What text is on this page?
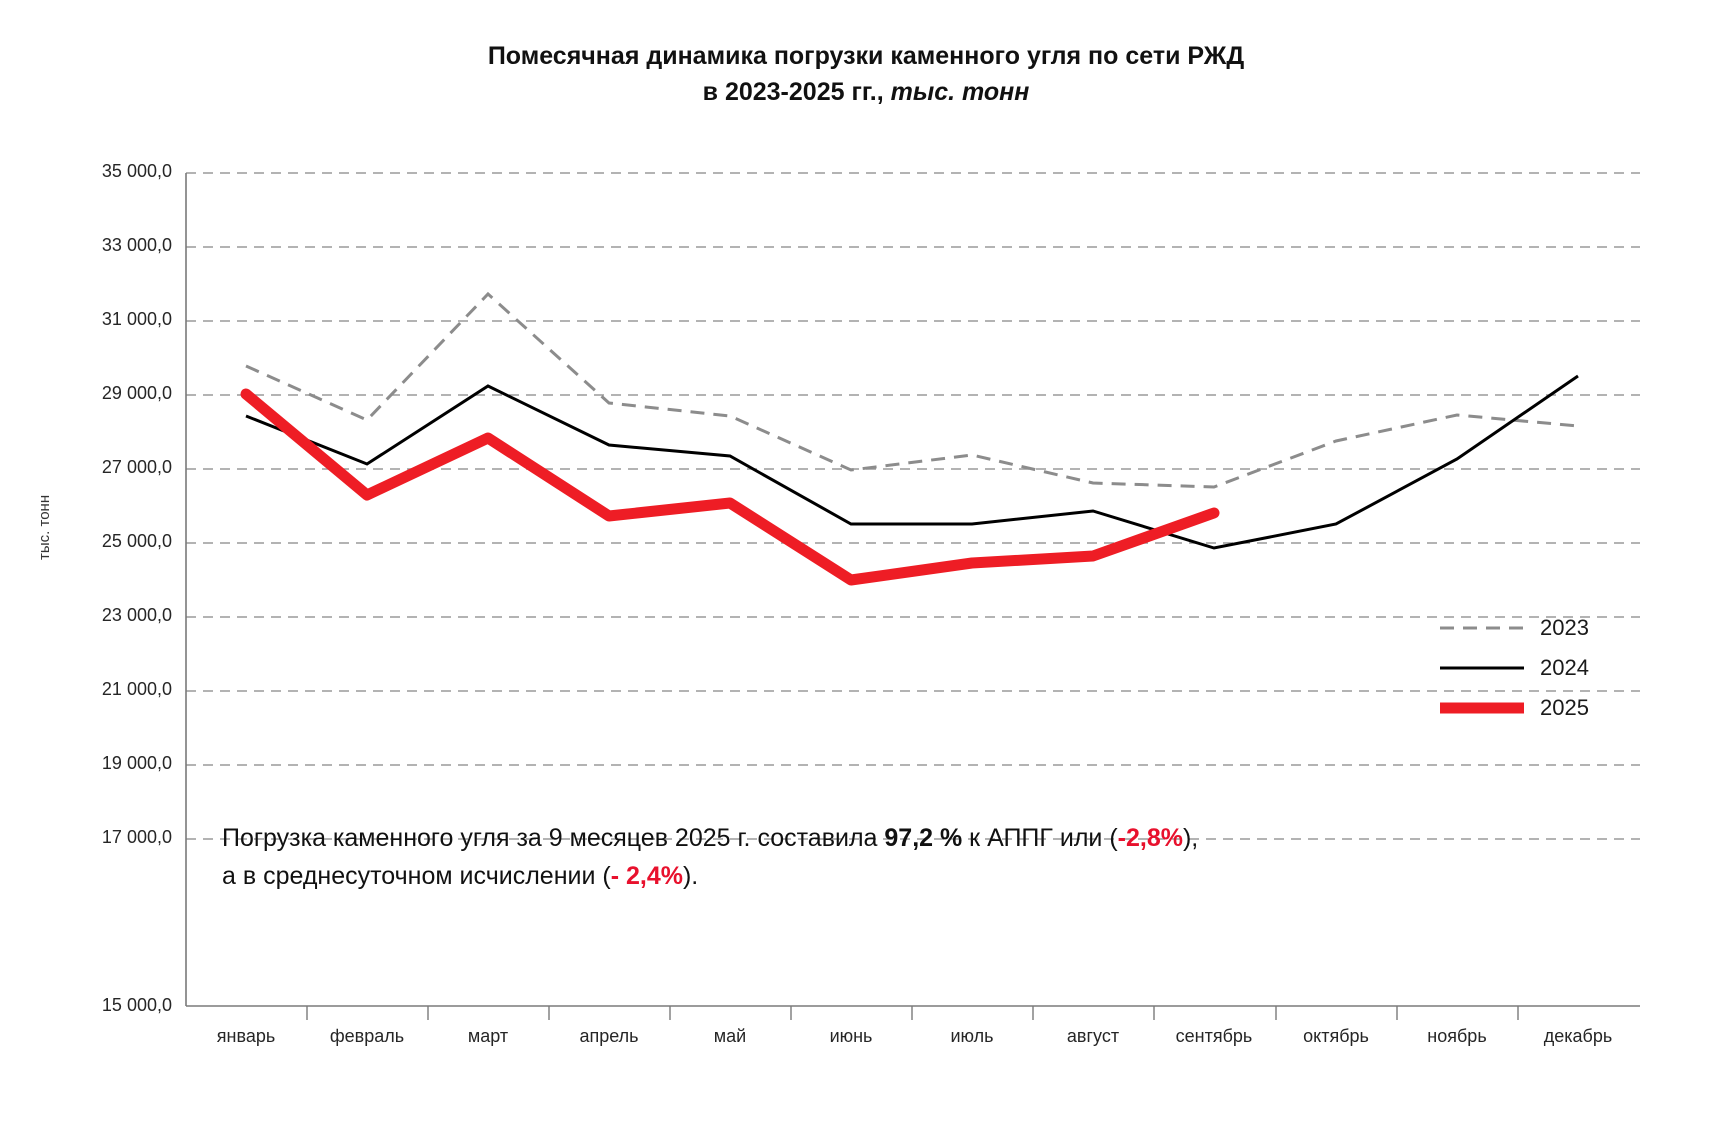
Помесячная динамика погрузки каменного угля по сети РЖД
в 2023-2025 гг., тыс. тонн
тыс. тонн
35 000,0
33 000,0
31 000,0
29 000,0
27 000,0
25 000,0
23 000,0
21 000,0
19 000,0
17 000,0
15 000,0
январь	февраль	март	апрель	май	июнь	июль	август	сентябрь	октябрь	ноябрь	декабрь
2023
2024
2025
Погрузка каменного угля за 9 месяцев 2025 г. составила 97,2 % к АППГ или (-2,8%),
а в среднесуточном исчислении (- 2,4%).
